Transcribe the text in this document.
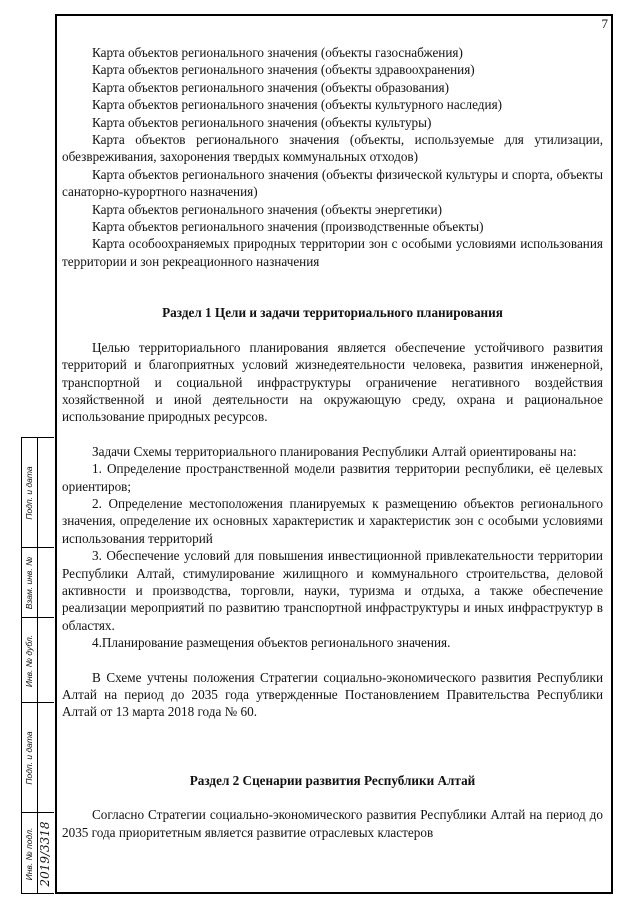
7

Карта объектов регионального значения (объекты газоснабжения)

Карта объектов регионального значения (объекты здравоохранения)

Карта объектов регионального значения (объекты образования)

Карта объектов регионального значения (объекты культурного наследия)

Карта объектов регионального значения (объекты культуры)

Карта объектов регионального значения (объекты, используемые для утилизации, обезвреживания, захоронения твердых коммунальных отходов)

Карта объектов регионального значения (объекты физической культуры и спорта, объекты санаторно-курортного назначения)

Карта объектов регионального значения (объекты энергетики)

Карта объектов регионального значения (производственные объекты)

Карта особоохраняемых природных территории зон с особыми условиями использования территории и зон рекреационного назначения

Раздел 1 Цели и задачи территориального планирования

Целью территориального планирования является обеспечение устойчивого развития территорий и благоприятных условий жизнедеятельности человека, развития инженерной, транспортной и социальной инфраструктуры ограничение негативного воздействия хозяйственной и иной деятельности на окружающую среду, охрана и рациональное использование природных ресурсов.

Задачи Схемы территориального планирования Республики Алтай ориентированы на:

1. Определение пространственной модели развития территории республики, её целевых ориентиров;

2. Определение местоположения планируемых к размещению объектов регионального значения, определение их основных характеристик и характеристик зон с особыми условиями использования территорий

3. Обеспечение условий для повышения инвестиционной привлекательности территории Республики Алтай, стимулирование жилищного и коммунального строительства, деловой активности и производства, торговли, науки, туризма и отдыха, а также обеспечение реализации мероприятий по развитию транспортной инфраструктуры и иных инфраструктур в областях.

4.Планирование размещения объектов регионального значения.

В Схеме учтены положения Стратегии социально-экономического развития Республики Алтай на период до 2035 года утвержденные Постановлением Правительства Республики Алтай от 13 марта 2018 года № 60.

Раздел 2 Сценарии развития Республики Алтай

Согласно Стратегии социально-экономического развития Республики Алтай на период до 2035 года приоритетным является развитие отраслевых кластеров

Подп. и дата
Взам. инв. №
Инв. № дубл.
Подп. и дата
Инв. № подл. 2019/3318
